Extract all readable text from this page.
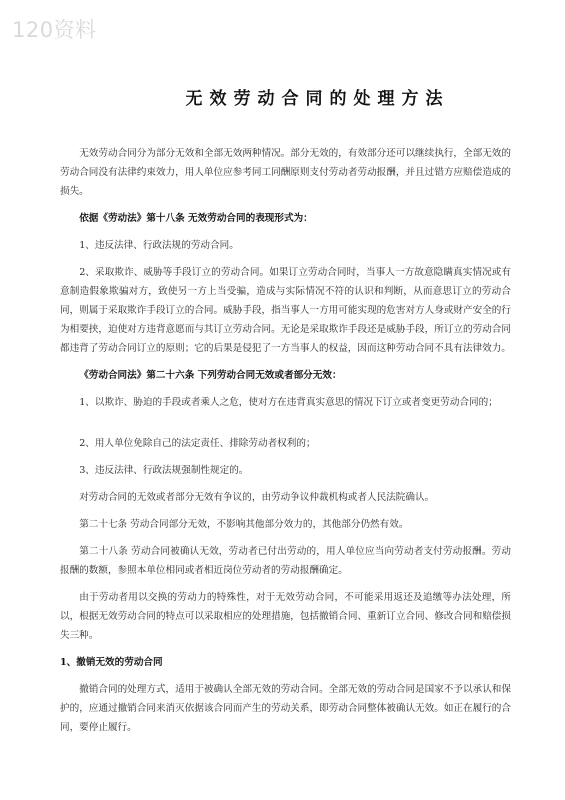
120资料
无效劳动合同的处理方法

无效劳动合同分为部分无效和全部无效两种情况。部分无效的，有效部分还可以继续执行，全部无效的劳动合同没有法律约束效力，用人单位应参考同工同酬原则支付劳动者劳动报酬，并且过错方应赔偿造成的损失。

依据《劳动法》第十八条 无效劳动合同的表现形式为：

1、违反法律、行政法规的劳动合同。

2、采取欺诈、威胁等手段订立的劳动合同。如果订立劳动合同时，当事人一方故意隐瞒真实情况或有意制造假象欺骗对方，致使另一方上当受骗，造成与实际情况不符的认识和判断，从而意思订立的劳动合同，则属于采取欺诈手段订立的合同。威胁手段，指当事人一方用可能实现的危害对方人身或财产安全的行为相要挟，迫使对方违背意愿而与其订立劳动合同。无论是采取欺诈手段还是威胁手段，所订立的劳动合同都违背了劳动合同订立的原则；它的后果是侵犯了一方当事人的权益，因而这种劳动合同不具有法律效力。

《劳动合同法》第二十六条 下列劳动合同无效或者部分无效：

1、以欺诈、胁迫的手段或者乘人之危，使对方在违背真实意思的情况下订立或者变更劳动合同的；

2、用人单位免除自己的法定责任、排除劳动者权利的；

3、违反法律、行政法规强制性规定的。

对劳动合同的无效或者部分无效有争议的，由劳动争议仲裁机构或者人民法院确认。

第二十七条 劳动合同部分无效，不影响其他部分效力的，其他部分仍然有效。

第二十八条 劳动合同被确认无效，劳动者已付出劳动的，用人单位应当向劳动者支付劳动报酬。劳动报酬的数额，参照本单位相同或者相近岗位劳动者的劳动报酬确定。

由于劳动者用以交换的劳动力的特殊性，对于无效劳动合同，不可能采用返还及追缴等办法处理，所以，根据无效劳动合同的特点可以采取相应的处理措施，包括撤销合同、重新订立合同、修改合同和赔偿损失三种。

1、撤销无效的劳动合同

撤销合同的处理方式，适用于被确认全部无效的劳动合同。全部无效的劳动合同是国家不予以承认和保护的，应通过撤销合同来消灭依据该合同而产生的劳动关系，即劳动合同整体被确认无效。如正在履行的合同，要停止履行。
